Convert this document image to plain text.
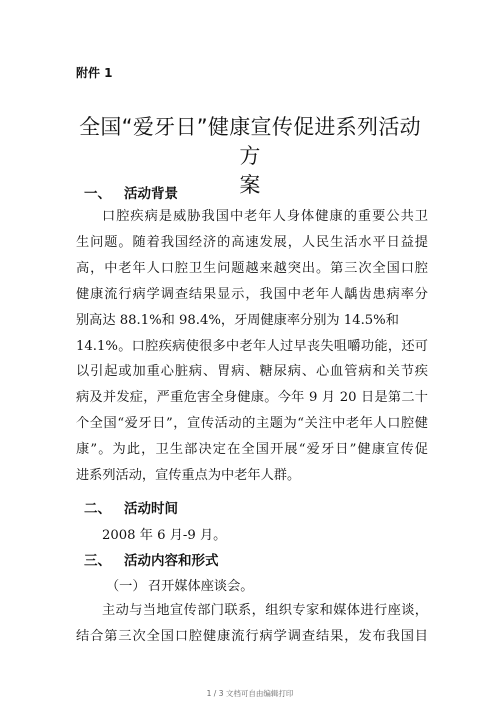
附件 1
全国“爱牙日”健康宣传促进系列活动方
案
一、 活动背景
口腔疾病是威胁我国中老年人身体健康的重要公共卫
生问题。随着我国经济的高速发展，人民生活水平日益提
高，中老年人口腔卫生问题越来越突出。第三次全国口腔
健康流行病学调查结果显示，我国中老年人龋齿患病率分
别高达 88.1%和 98.4%，牙周健康率分别为 14.5%和
14.1%。口腔疾病使很多中老年人过早丧失咀嚼功能，还可
以引起或加重心脏病、胃病、糖尿病、心血管病和关节疾
病及并发症，严重危害全身健康。今年 9 月 20 日是第二十
个全国“爱牙日”，宣传活动的主题为“关注中老年人口腔健
康”。为此，卫生部决定在全国开展“爱牙日”健康宣传促
进系列活动，宣传重点为中老年人群。
二、 活动时间
2008 年 6 月-9 月。
三、 活动内容和形式
（一） 召开媒体座谈会。
主动与当地宣传部门联系，组织专家和媒体进行座谈，
结合第三次全国口腔健康流行病学调查结果，发布我国目
1 / 3 文档可自由编辑打印
